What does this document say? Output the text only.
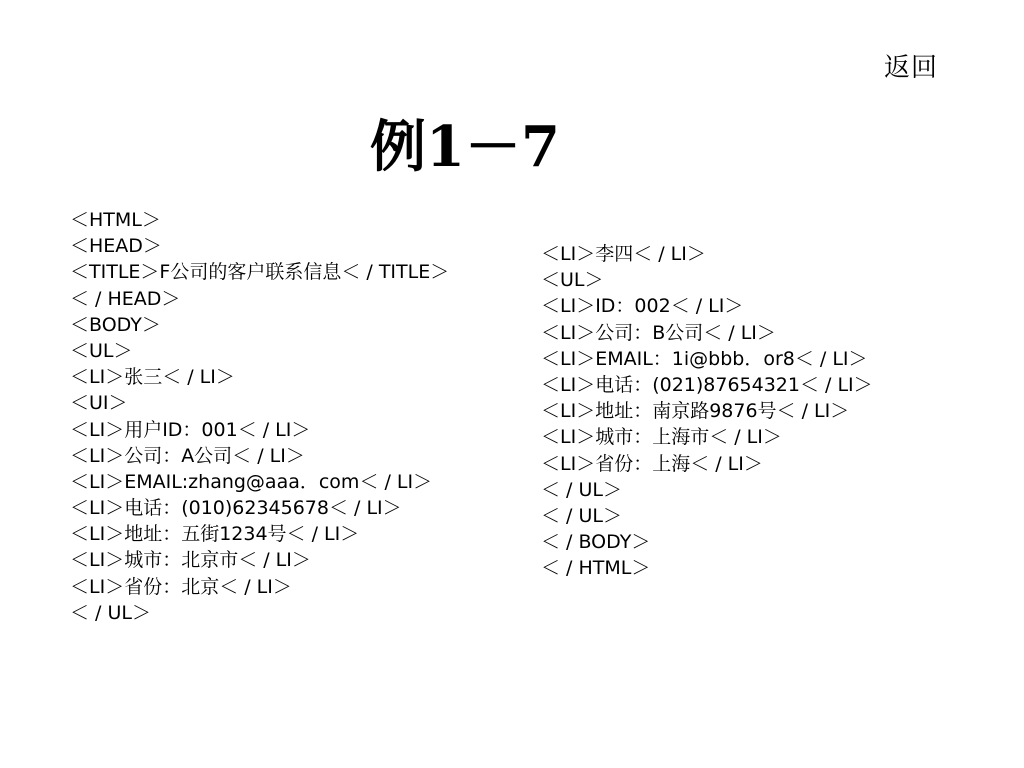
返回
例1－7
＜HTML＞
＜HEAD＞
＜TITLE＞F公司的客户联系信息＜ / TITLE＞
＜ / HEAD＞
＜BODY＞
＜UL＞
＜LI＞张三＜ / LI＞
＜UI＞
＜LI＞用户ID：001＜ / LI＞
＜LI＞公司：A公司＜ / LI＞
＜LI＞EMAIL:zhang@aaa．com＜ / LI＞
＜LI＞电话：(010)62345678＜ / LI＞
＜LI＞地址：五街1234号＜ / LI＞
＜LI＞城市：北京市＜ / LI＞
＜LI＞省份：北京＜ / LI＞
＜ / UL＞
＜LI＞李四＜ / LI＞
＜UL＞
＜LI＞ID：002＜ / LI＞
＜LI＞公司：B公司＜ / LI＞
＜LI＞EMAIL：1i@bbb．or8＜ / LI＞
＜LI＞电话：(021)87654321＜ / LI＞
＜LI＞地址：南京路9876号＜ / LI＞
＜LI＞城市：上海市＜ / LI＞
＜LI＞省份：上海＜ / LI＞
＜ / UL＞
＜ / UL＞
＜ / BODY＞
＜ / HTML＞
